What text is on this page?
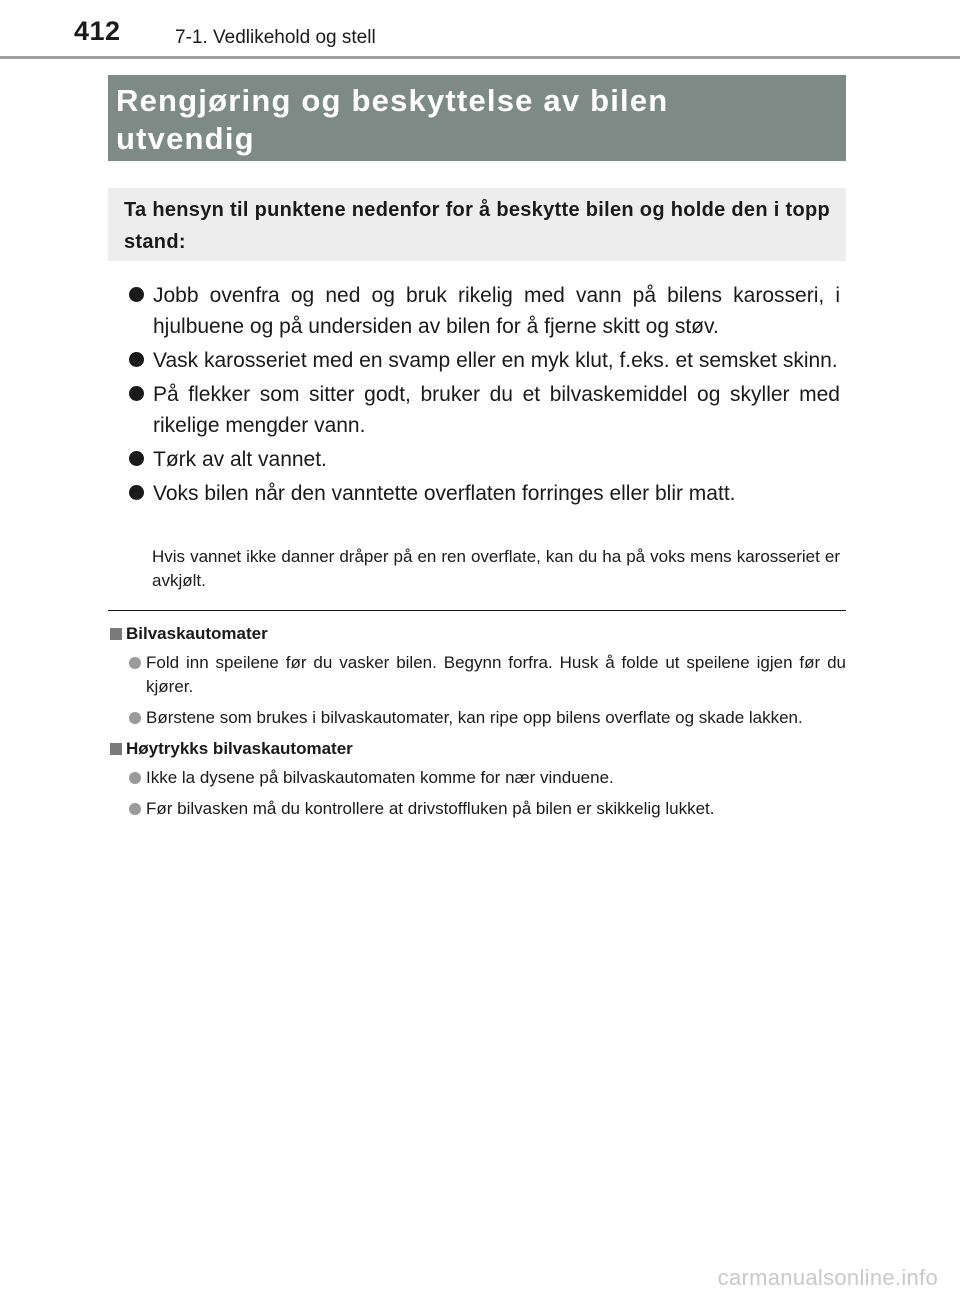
412	7-1. Vedlikehold og stell
Rengjøring og beskyttelse av bilen
utvendig
Ta hensyn til punktene nedenfor for å beskytte bilen og holde den i topp stand:
Jobb ovenfra og ned og bruk rikelig med vann på bilens karosseri, i hjulbuene og på undersiden av bilen for å fjerne skitt og støv.
Vask karosseriet med en svamp eller en myk klut, f.eks. et semsket skinn.
På flekker som sitter godt, bruker du et bilvaskemiddel og skyller med rikelige mengder vann.
Tørk av alt vannet.
Voks bilen når den vanntette overflaten forringes eller blir matt.
Hvis vannet ikke danner dråper på en ren overflate, kan du ha på voks mens karosseriet er avkjølt.
Bilvaskautomater
Fold inn speilene før du vasker bilen. Begynn forfra. Husk å folde ut speilene igjen før du kjører.
Børstene som brukes i bilvaskautomater, kan ripe opp bilens overflate og skade lakken.
Høytrykks bilvaskautomater
Ikke la dysene på bilvaskautomaten komme for nær vinduene.
Før bilvasken må du kontrollere at drivstoffluken på bilen er skikkelig lukket.
carmanualsonline.info
